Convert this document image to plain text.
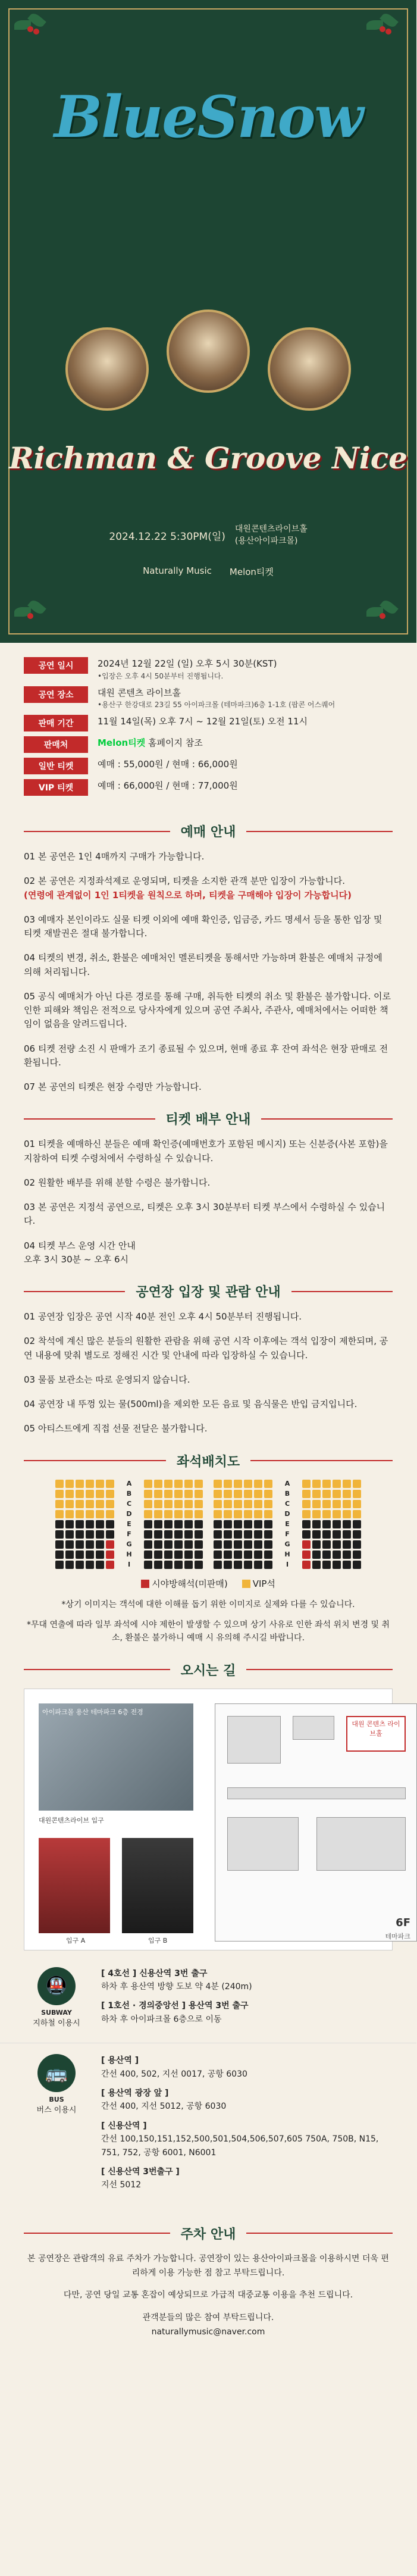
BlueSnow
Richman & Groove Nice
2024.12.22 5:30PM(일)
대원콘텐츠라이브홀
(용산아이파크몰)
Naturally Music Melon티켓
공연 일시	2024년 12월 22일 (일) 오후 5시 30분(KST)
•입장은 오후 4시 50분부터 진행됩니다.
공연 장소	대원 콘텐츠 라이브홀
•용산구 한강대로 23길 55 아이파크몰 (테마파크)6층 1-1호 (팝콘 어스퀘어
판매 기간	11월 14일(목) 오후 7시 ~ 12월 21일(토) 오전 11시
판매처	Melon티켓 홈페이지 참조
일반 티켓	예매 : 55,000원 / 현매 : 66,000원
VIP 티켓	예매 : 66,000원 / 현매 : 77,000원
예매 안내

01 본 공연은 1인 4매까지 구매가 가능합니다.

02 본 공연은 지정좌석제로 운영되며, 티켓을 소지한 관객 분만 입장이 가능합니다.

(연령에 관계없이 1인 1티켓을 원칙으로 하며, 티켓을 구매해야 입장이 가능합니다)

03 예매자 본인이라도 실물 티켓 이외에 예매 확인증, 입금증, 카드 명세서 등을 통한 입장 및 티켓 재발권은 절대 불가합니다.

04 티켓의 변경, 취소, 환불은 예매처인 멜론티켓을 통해서만 가능하며 환불은 예매처 규정에 의해 처리됩니다.

05 공식 예매처가 아닌 다른 경로를 통해 구매, 취득한 티켓의 취소 및 환불은 불가합니다. 이로 인한 피해와 책임은 전적으로 당사자에게 있으며 공연 주최사, 주관사, 예매처에서는 어떠한 책임이 없음을 알려드립니다.

06 티켓 전량 소진 시 판매가 조기 종료될 수 있으며, 현매 종료 후 잔여 좌석은 현장 판매로 전환됩니다.

07 본 공연의 티켓은 현장 수령만 가능합니다.

티켓 배부 안내

01 티켓을 예매하신 분들은 예매 확인증(예매번호가 포함된 메시지) 또는 신분증(사본 포함)을 지참하여 티켓 수령처에서 수령하실 수 있습니다.

02 원활한 배부를 위해 분할 수령은 불가합니다.

03 본 공연은 지정석 공연으로, 티켓은 오후 3시 30분부터 티켓 부스에서 수령하실 수 있습니다.

04 티켓 부스 운영 시간 안내

오후 3시 30분 ~ 오후 6시

공연장 입장 및 관람 안내

01 공연장 입장은 공연 시작 40분 전인 오후 4시 50분부터 진행됩니다.

02 착석에 계신 많은 분들의 원활한 관람을 위해 공연 시작 이후에는 객석 입장이 제한되며, 공연 내용에 맞춰 별도로 정해진 시간 및 안내에 따라 입장하실 수 있습니다.

03 물품 보관소는 따로 운영되지 않습니다.

04 공연장 내 뚜껑 있는 물(500ml)을 제외한 모든 음료 및 음식물은 반입 금지입니다.

05 아티스트에게 직접 선물 전달은 불가합니다.

좌석배치도
A
B
C
D
E
F
G
H
I
A
B
C
D
E
F
G
H
I
시야방해석(미판매)	VIP석
*상기 이미지는 객석에 대한 이해를 돕기 위한 이미지로 실제와 다를 수 있습니다.
*무대 연출에 따라 일부 좌석에 시야 제한이 발생할 수 있으며 상기 사유로 인한 좌석 위치 변경 및 취소, 환불은 불가하니 예매 시 유의해 주시길 바랍니다.
오시는 길
아이파크몰 용산 테마파크 6층 전경
대원콘텐츠라이브 입구
입구 A	입구 B
대원 콘텐츠 라이브홀
6F
테마파크
🚇
SUBWAY
지하철 이용시
[ 4호선 ] 신용산역 3번 출구
하차 후 용산역 방향 도보 약 4분 (240m)
[ 1호선 · 경의중앙선 ] 용산역 3번 출구
하차 후 아이파크몰 6층으로 이동
🚌
BUS
버스 이용시
[ 용산역 ]
간선 400, 502, 지선 0017, 공항 6030
[ 용산역 광장 앞 ]
간선 400, 지선 5012, 공항 6030
[ 신용산역 ]
간선 100,150,151,152,500,501,504,506,507,605 750A, 750B, N15, 751, 752, 공항 6001, N6001
[ 신용산역 3번출구 ]
지선 5012
주차 안내

본 공연장은 관람객의 유료 주차가 가능합니다. 공연장이 있는 용산아이파크몰을 이용하시면 더욱 편리하게 이용 가능한 점 참고 부탁드립니다.

다만, 공연 당일 교통 혼잡이 예상되므로 가급적 대중교통 이용을 추천 드립니다.

관객분들의 많은 참여 부탁드립니다.

naturallymusic@naver.com
